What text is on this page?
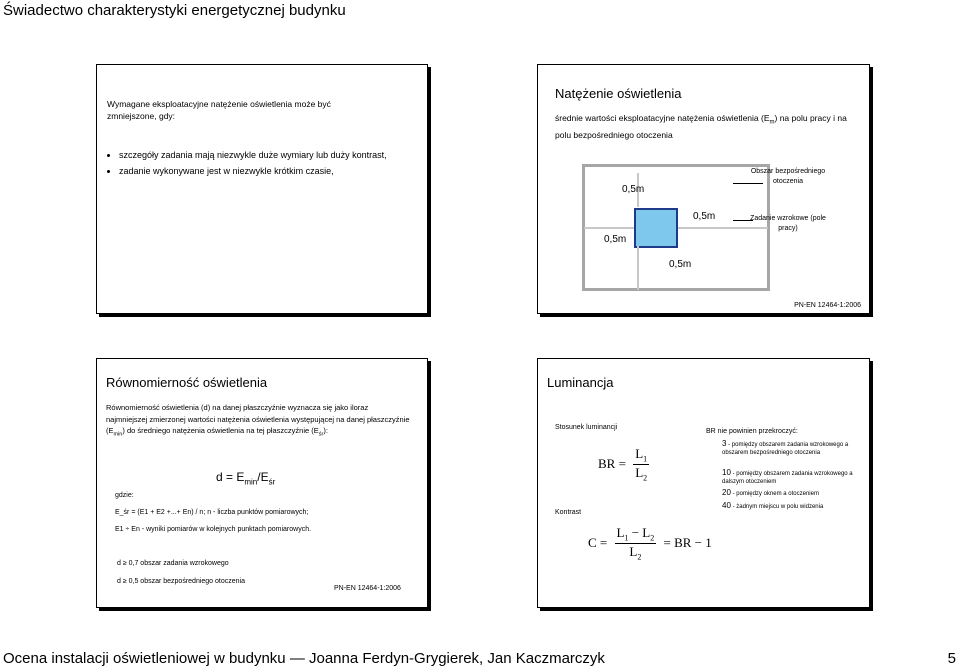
Świadectwo charakterystyki energetycznej budynku
Wymagane eksploatacyjne natężenie oświetlenia może być zmniejszone, gdy:
• szczegóły zadania mają niezwykle duże wymiary lub duży kontrast,
• zadanie wykonywane jest w niezwykle krótkim czasie,
Natężenie oświetlenia
średnie wartości eksploatacyjne natężenia oświetlenia $(E_m)$ na polu pracy i na polu bezpośredniego otoczenia
0,5m
0,5m
0,5m
0,5m
Obszar bezpośredniego otoczenia
Zadanie wzrokowe (pole pracy)
PN-EN 12464-1:2006
Równomierność oświetlenia
Równomierność oświetlenia (d) na danej płaszczyźnie wyznacza się jako iloraz najmniejszej zmierzonej wartości natężenia oświetlenia występującej na danej płaszczyźnie $(E_{min})$ do średniego natężenia oświetlenia na tej płaszczyźnie $(E_{śr})$:
$d = E_{min}/E_{śr}$
gdzie:
E_śr = (E1 + E2 +...+ En) / n; n - liczba punktów pomiarowych;
E1 ÷ En - wyniki pomiarów w kolejnych punktach pomiarowych.
d ≥ 0,7 obszar zadania wzrokowego
d ≥ 0,5 obszar bezpośredniego otoczenia
PN-EN 12464-1:2006
Luminancja
Stosunek luminancji
BR = $\frac{L_1}{L_2}$
Kontrast
$C = \frac{L_1 - L_2}{L_2}$ = BR − 1
BR nie powinien przekroczyć:
3 - pomiędzy obszarem zadania wzrokowego a obszarem bezpośredniego otoczenia
10 - pomiędzy obszarem zadania wzrokowego a dalszym otoczeniem
20 - pomiędzy oknem a otoczeniem
40 - żadnym miejscu w polu widzenia
Ocena instalacji oświetleniowej w budynku — Joanna Ferdyn-Grygierek, Jan Kaczmarczyk	5
